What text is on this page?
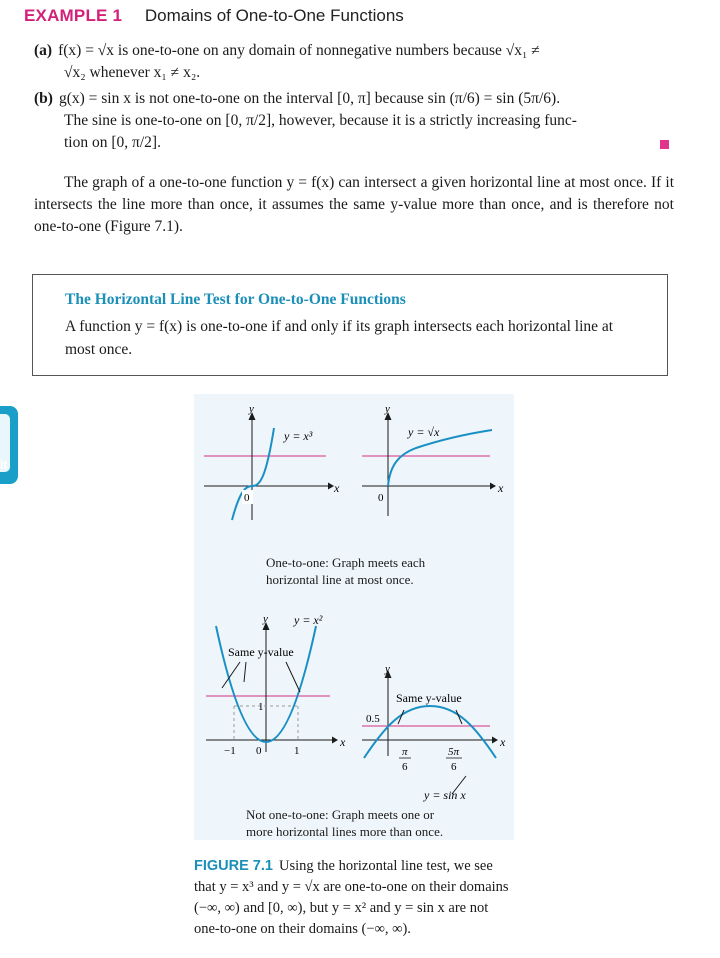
EXAMPLE 1 Domains of One-to-One Functions
(a) f(x) = √x is one-to-one on any domain of nonnegative numbers because √x₁ ≠
√x₂ whenever x₁ ≠ x₂.
(b) g(x) = sin x is not one-to-one on the interval [0, π] because sin (π/6) = sin (5π/6).
The sine is one-to-one on [0, π/2], however, because it is a strictly increasing func-
tion on [0, π/2].
The graph of a one-to-one function y = f(x) can intersect a given horizontal line at most once. If it intersects the line more than once, it assumes the same y-value more than once, and is therefore not one-to-one (Figure 7.1).
The Horizontal Line Test for One-to-One Functions
A function y = f(x) is one-to-one if and only if its graph intersects each horizontal line at most once.
It
y
x
0
y = x³
y
x
0
y = √x
One-to-one: Graph meets each
horizontal line at most once.
y
x
y = x²
Same y-value
1
−1 0	1
y
x
Same y-value
0.5
π
6
5π
6
y = sin x
Not one-to-one: Graph meets one or
more horizontal lines more than once.
FIGURE 7.1 Using the horizontal line test, we see that y = x³ and y = √x are one-to-one on their domains (−∞, ∞) and [0, ∞), but y = x² and y = sin x are not one-to-one on their domains (−∞, ∞).
